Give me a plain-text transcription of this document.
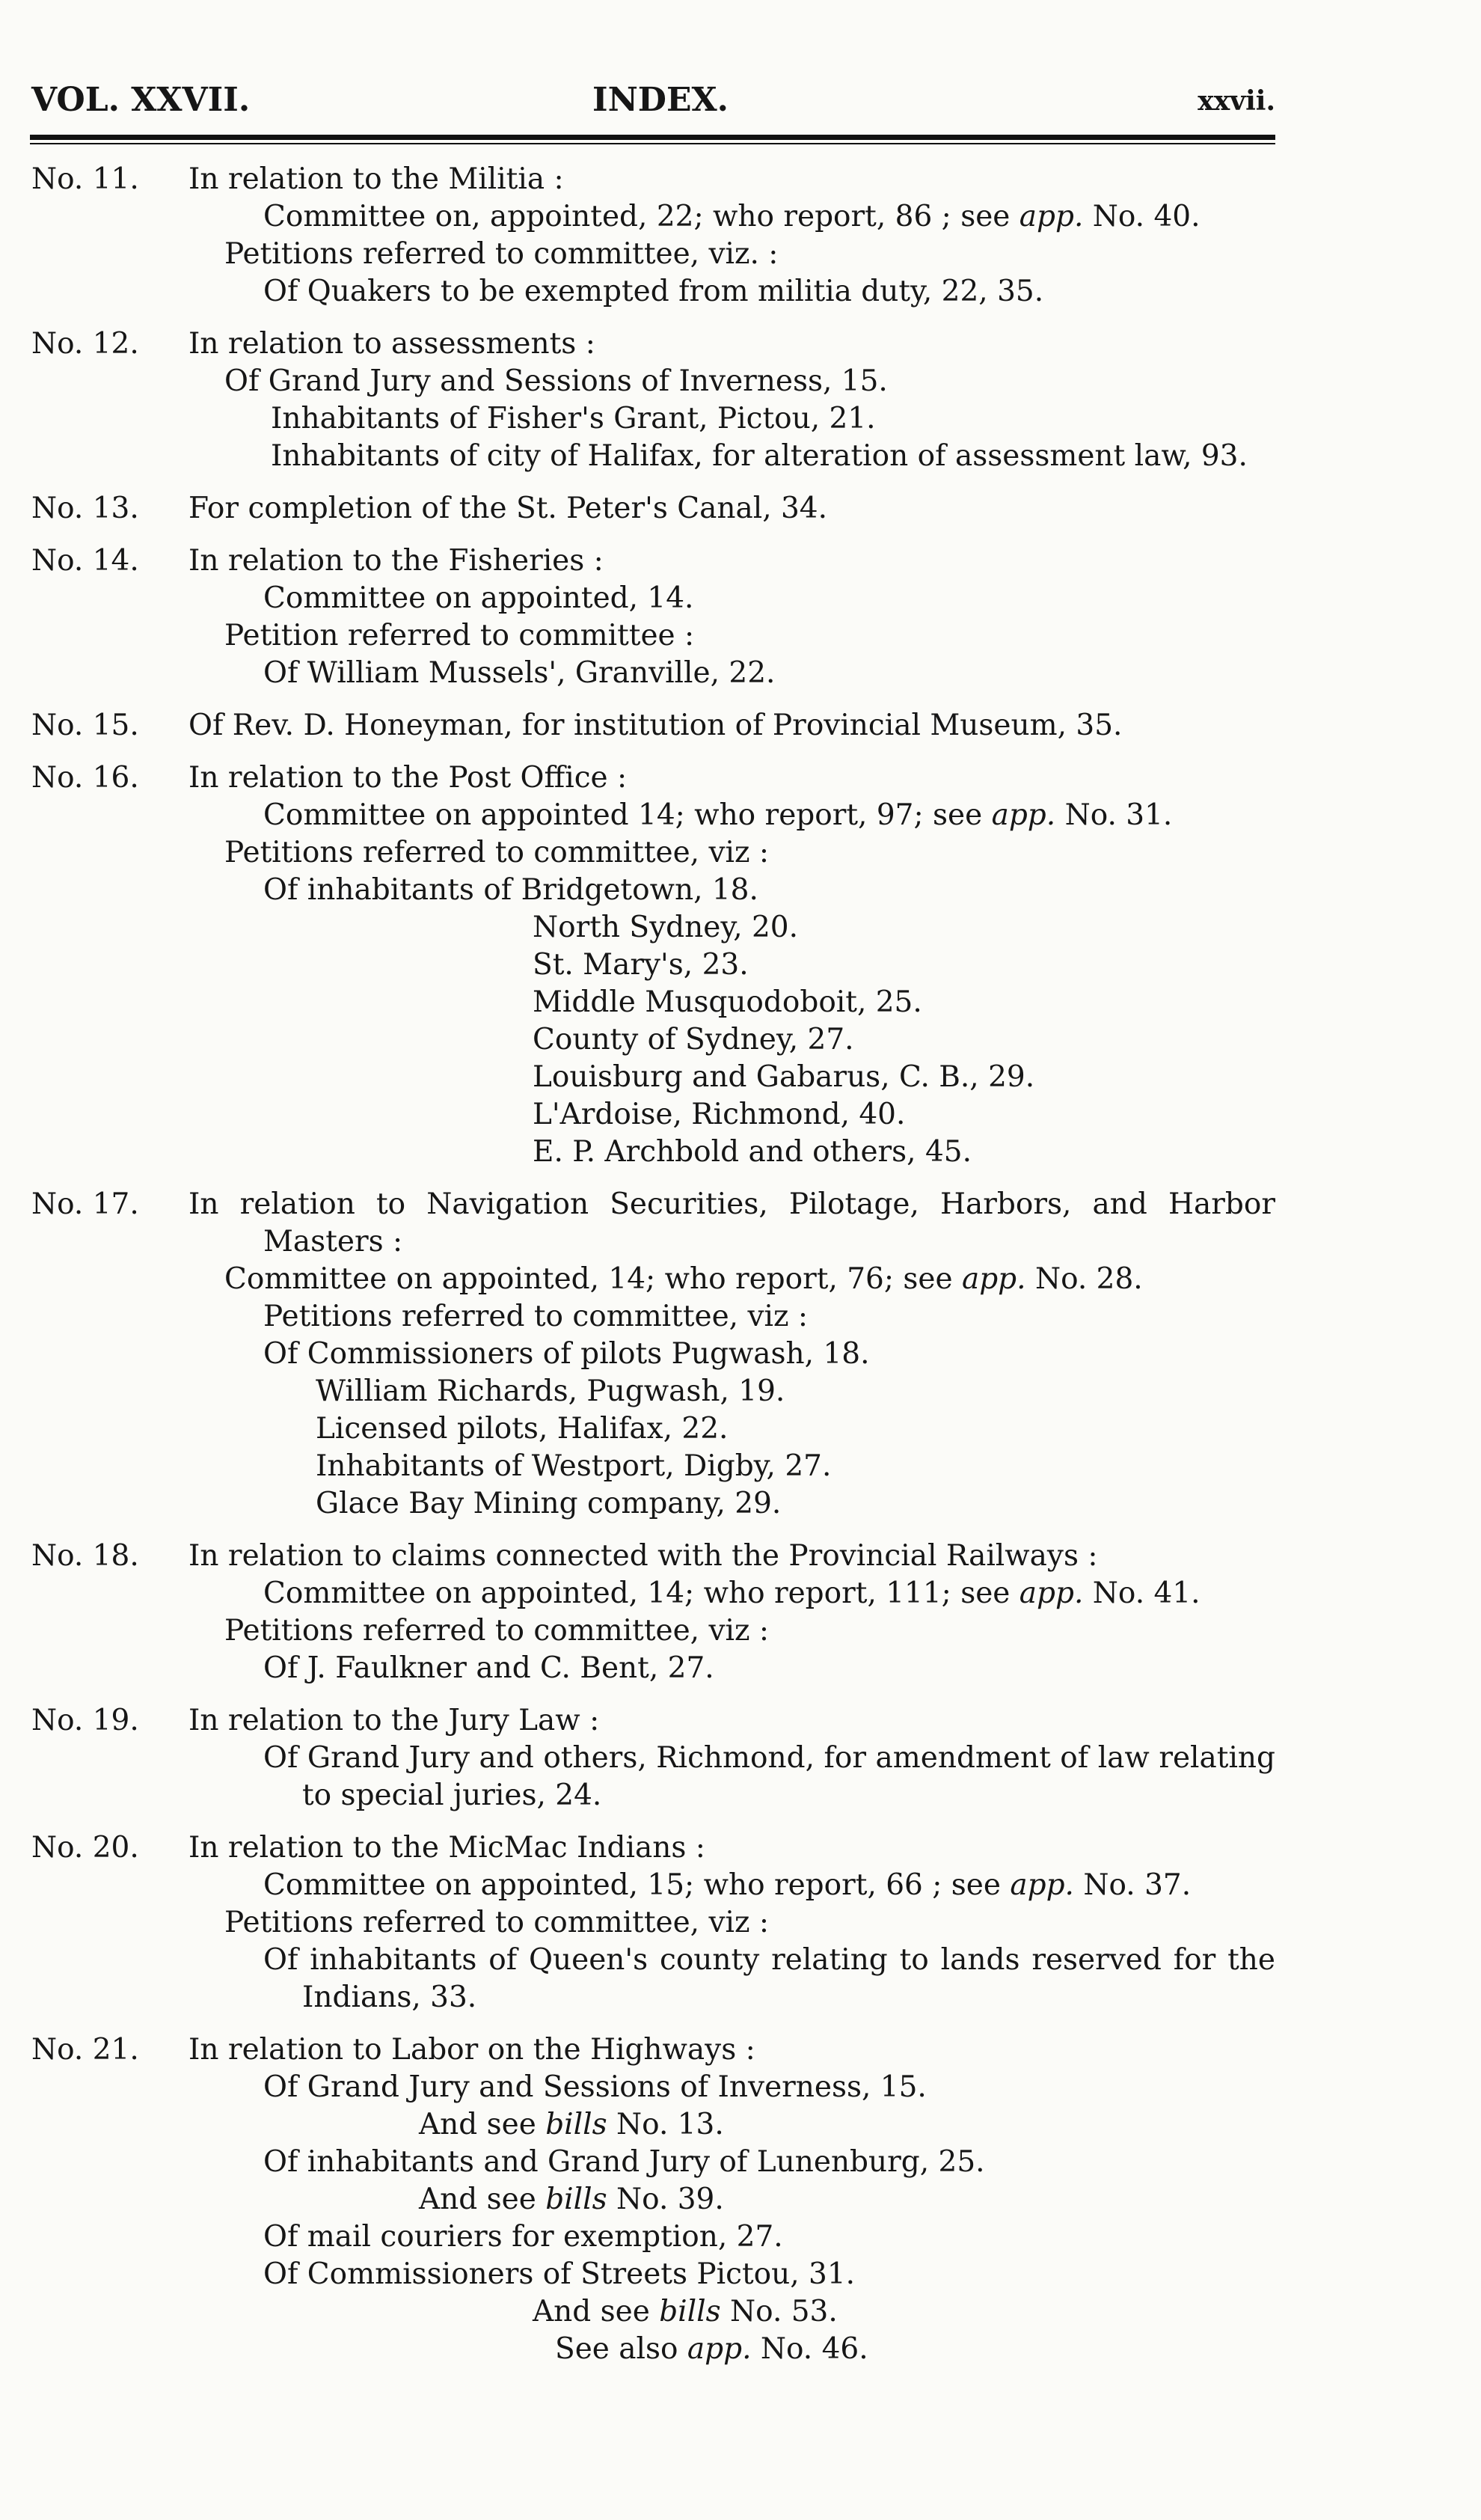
VOL. XXVII.	INDEX.	xxvii.
No. 11. In relation to the Militia :
Committee on, appointed, 22; who report, 86 ; see app. No. 40.
Petitions referred to committee, viz. :
Of Quakers to be exempted from militia duty, 22, 35.
No. 12. In relation to assessments :
Of Grand Jury and Sessions of Inverness, 15.
Inhabitants of Fisher's Grant, Pictou, 21.
Inhabitants of city of Halifax, for alteration of assessment law, 93.
No. 13. For completion of the St. Peter's Canal, 34.
No. 14. In relation to the Fisheries :
Committee on appointed, 14.
Petition referred to committee :
Of William Mussels', Granville, 22.
No. 15. Of Rev. D. Honeyman, for institution of Provincial Museum, 35.
No. 16. In relation to the Post Office :
Committee on appointed 14; who report, 97; see app. No. 31.
Petitions referred to committee, viz :
Of inhabitants of Bridgetown, 18.
North Sydney, 20.
St. Mary's, 23.
Middle Musquodoboit, 25.
County of Sydney, 27.
Louisburg and Gabarus, C. B., 29.
L'Ardoise, Richmond, 40.
E. P. Archbold and others, 45.
No. 17. In relation to Navigation Securities, Pilotage, Harbors, and Harbor Masters :
Committee on appointed, 14; who report, 76; see app. No. 28.
Petitions referred to committee, viz :
Of Commissioners of pilots Pugwash, 18.
William Richards, Pugwash, 19.
Licensed pilots, Halifax, 22.
Inhabitants of Westport, Digby, 27.
Glace Bay Mining company, 29.
No. 18. In relation to claims connected with the Provincial Railways :
Committee on appointed, 14; who report, 111; see app. No. 41.
Petitions referred to committee, viz :
Of J. Faulkner and C. Bent, 27.
No. 19. In relation to the Jury Law :
Of Grand Jury and others, Richmond, for amendment of law relating to special juries, 24.
No. 20. In relation to the MicMac Indians :
Committee on appointed, 15; who report, 66 ; see app. No. 37.
Petitions referred to committee, viz :
Of inhabitants of Queen's county relating to lands reserved for the Indians, 33.
No. 21. In relation to Labor on the Highways :
Of Grand Jury and Sessions of Inverness, 15.
And see bills No. 13.
Of inhabitants and Grand Jury of Lunenburg, 25.
And see bills No. 39.
Of mail couriers for exemption, 27.
Of Commissioners of Streets Pictou, 31.
And see bills No. 53.
See also app. No. 46.
